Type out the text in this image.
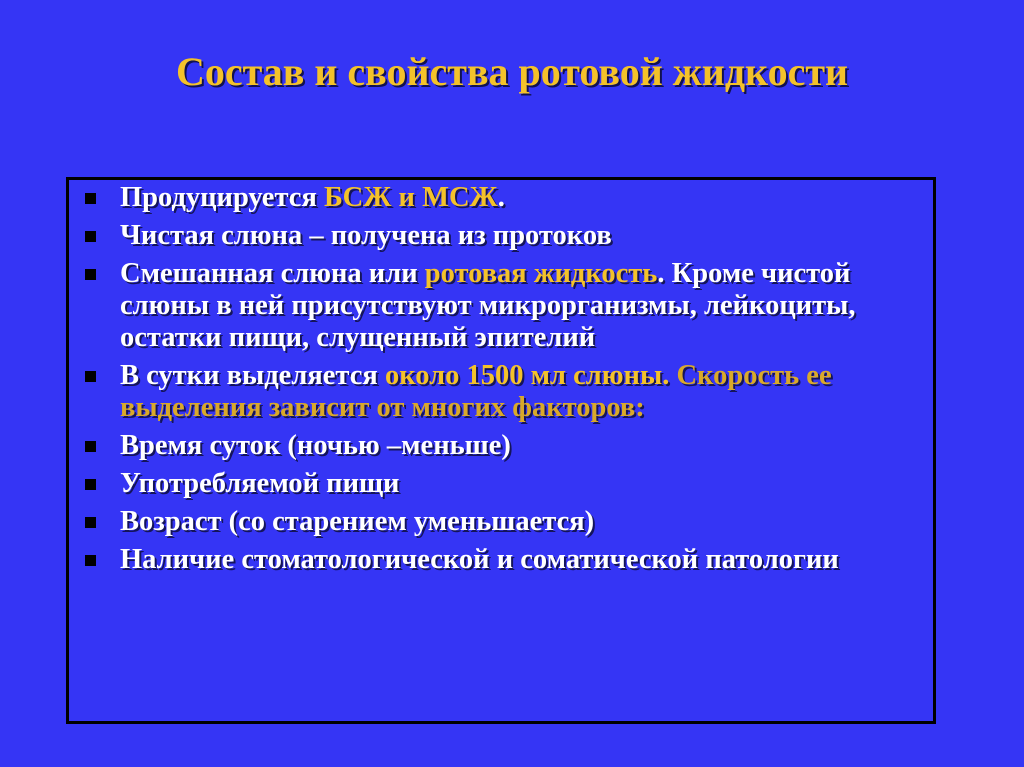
Состав и свойства ротовой жидкости
Продуцируется БСЖ и МСЖ.
Чистая слюна – получена из протоков
Смешанная слюна или ротовая жидкость. Кроме чистой слюны в ней присутствуют микрорганизмы, лейкоциты, остатки пищи, слущенный эпителий
В сутки выделяется около 1500 мл слюны. Скорость ее выделения зависит от многих факторов:
Время суток (ночью –меньше)
Употребляемой пищи
Возраст (со старением уменьшается)
Наличие стоматологической и соматической патологии
